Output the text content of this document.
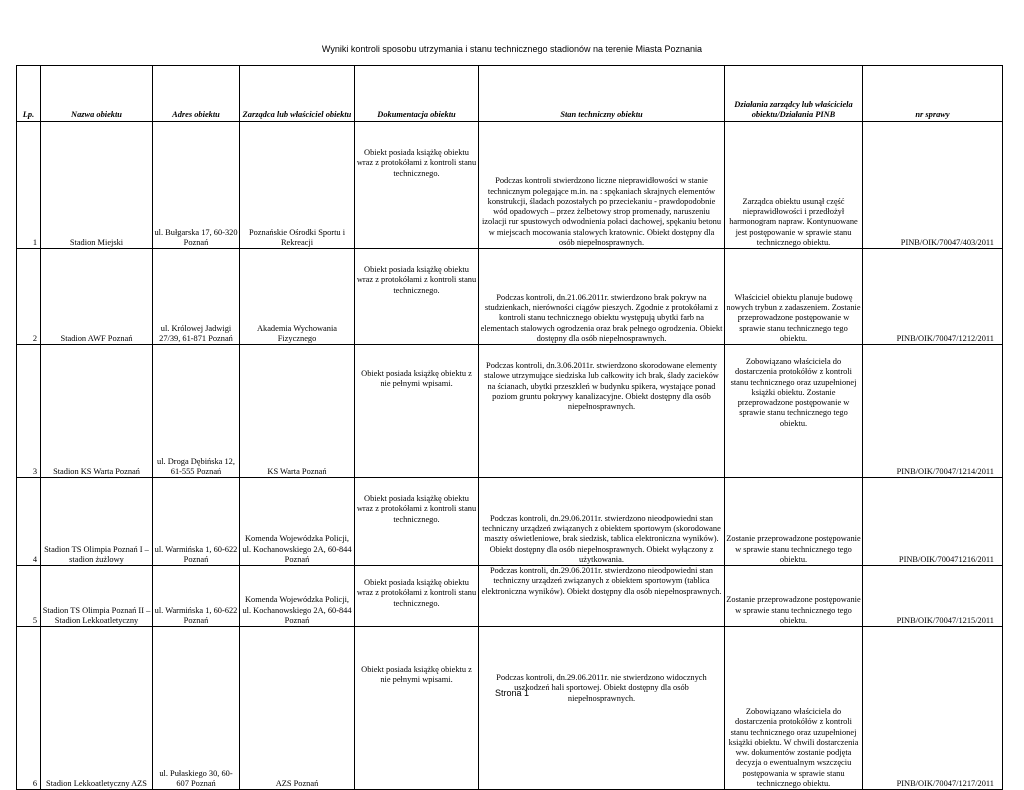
Wyniki kontroli sposobu utrzymania i stanu technicznego stadionów na terenie Miasta Poznania
Lp.	Nazwa obiektu	Adres obiektu	Zarządca lub właściciel obiektu	Dokumentacja obiektu	Stan techniczny obiektu	Działania zarządcy lub właściciela obiektu/Działania PINB	nr sprawy
1	Stadion Miejski	ul. Bułgarska 17, 60-320 Poznań	Poznańskie Ośrodki Sportu i Rekreacji	Obiekt posiada książkę obiektu wraz z protokółami z kontroli stanu technicznego.	Podczas kontroli stwierdzono liczne nieprawidłowości w stanie technicznym polegające m.in. na : spękaniach skrajnych elementów konstrukcji, śladach pozostałych po przeciekaniu - prawdopodobnie wód opadowych – przez żelbetowy strop promenady, naruszeniu izolacji rur spustowych odwodnienia połaci dachowej, spękaniu betonu w miejscach mocowania stalowych kratownic. Obiekt dostępny dla osób niepełnosprawnych.	Zarządca obiektu usunął część nieprawidłowości i przedłożył harmonogram napraw. Kontynuowane jest postępowanie w sprawie stanu technicznego obiektu.	PINB/OIK/70047/403/2011
2	Stadion AWF Poznań	ul. Królowej Jadwigi 27/39, 61-871 Poznań	Akademia Wychowania Fizycznego	Obiekt posiada książkę obiektu wraz z protokółami z kontroli stanu technicznego.	Podczas kontroli, dn.21.06.2011r. stwierdzono brak pokryw na studzienkach, nierówności ciągów pieszych. Zgodnie z protokółami z kontroli stanu technicznego obiektu występują ubytki farb na elementach stalowych ogrodzenia oraz brak pełnego ogrodzenia. Obiekt dostępny dla osób niepełnosprawnych.	Właściciel obiektu planuje budowę nowych trybun z zadaszeniem. Zostanie przeprowadzone postępowanie w sprawie stanu technicznego tego obiektu.	PINB/OIK/70047/1212/2011
3	Stadion KS Warta Poznań	ul. Droga Dębińska 12, 61-555 Poznań	KS Warta Poznań	Obiekt posiada książkę obiektu z nie pełnymi wpisami.	Podczas kontroli, dn.3.06.2011r. stwierdzono skorodowane elementy stalowe utrzymujące siedziska lub całkowity ich brak, ślady zacieków na ścianach, ubytki przeszkleń w budynku spikera, wystające ponad poziom gruntu pokrywy kanalizacyjne. Obiekt dostępny dla osób niepełnosprawnych.	Zobowiązano właściciela do dostarczenia protokółów z kontroli stanu technicznego oraz uzupełnionej książki obiektu. Zostanie przeprowadzone postępowanie w sprawie stanu technicznego tego obiektu.	PINB/OIK/70047/1214/2011
4	Stadion TS Olimpia Poznań I – stadion żużlowy	ul. Warmińska 1, 60-622 Poznań	Komenda Wojewódzka Policji, ul. Kochanowskiego 2A, 60-844 Poznań	Obiekt posiada książkę obiektu wraz z protokółami z kontroli stanu technicznego.	Podczas kontroli, dn.29.06.2011r. stwierdzono nieodpowiedni stan techniczny urządzeń związanych z obiektem sportowym (skorodowane maszty oświetleniowe, brak siedzisk, tablica elektroniczna wyników). Obiekt dostępny dla osób niepełnosprawnych. Obiekt wyłączony z użytkowania.	Zostanie przeprowadzone postępowanie w sprawie stanu technicznego tego obiektu.	PINB/OIK/700471216/2011
5	Stadion TS Olimpia Poznań II – Stadion Lekkoatletyczny	ul. Warmińska 1, 60-622 Poznań	Komenda Wojewódzka Policji, ul. Kochanowskiego 2A, 60-844 Poznań	Obiekt posiada książkę obiektu wraz z protokółami z kontroli stanu technicznego.	Podczas kontroli, dn.29.06.2011r. stwierdzono nieodpowiedni stan techniczny urządzeń związanych z obiektem sportowym (tablica elektroniczna wyników). Obiekt dostępny dla osób niepełnosprawnych.	Zostanie przeprowadzone postępowanie w sprawie stanu technicznego tego obiektu.	PINB/OIK/70047/1215/2011
6	Stadion Lekkoatletyczny AZS	ul. Pułaskiego 30, 60-607 Poznań	AZS Poznań	Obiekt posiada książkę obiektu z nie pełnymi wpisami.	Podczas kontroli, dn.29.06.2011r. nie stwierdzono widocznych uszkodzeń hali sportowej. Obiekt dostępny dla osób niepełnosprawnych.	Zobowiązano właściciela do dostarczenia protokółów z kontroli stanu technicznego oraz uzupełnionej książki obiektu. W chwili dostarczenia ww. dokumentów zostanie podjęta decyzja o ewentualnym wszczęciu postępowania w sprawie stanu technicznego obiektu.	PINB/OIK/70047/1217/2011
Strona 1
